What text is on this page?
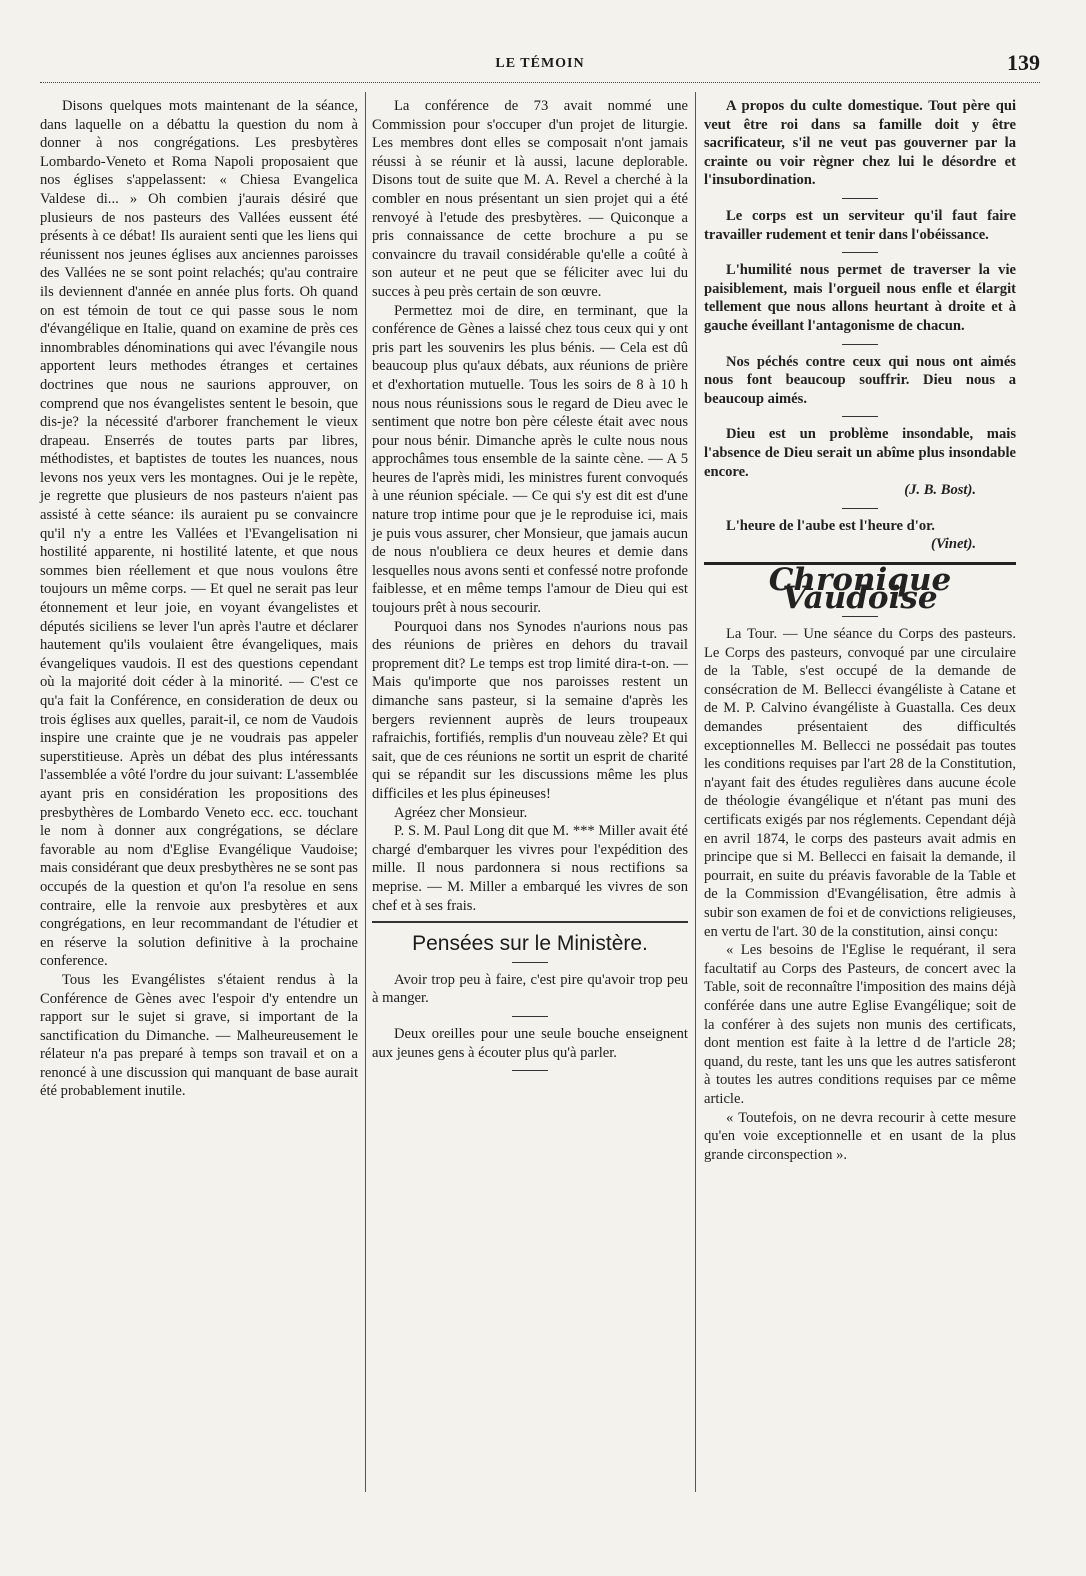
LE TÉMOIN	139

Disons quelques mots maintenant de la séance, dans laquelle on a débattu la question du nom à donner à nos congrégations. Les presbytères Lombardo-Veneto et Roma Napoli proposaient que nos églises s'appelassent: « Chiesa Evangelica Valdese di... » Oh combien j'aurais désiré que plusieurs de nos pasteurs des Vallées eussent été présents à ce débat! Ils auraient senti que les liens qui réunissent nos jeunes églises aux anciennes paroisses des Vallées ne se sont point relachés; qu'au contraire ils deviennent d'année en année plus forts. Oh quand on est témoin de tout ce qui passe sous le nom d'évangélique en Italie, quand on examine de près ces innombrables dénominations qui avec l'évangile nous apportent leurs methodes étranges et certaines doctrines que nous ne saurions approuver, on comprend que nos évangelistes sentent le besoin, que dis-je? la nécessité d'arborer franchement le vieux drapeau. Enserrés de toutes parts par libres, méthodistes, et baptistes de toutes les nuances, nous levons nos yeux vers les montagnes. Oui je le repète, je regrette que plusieurs de nos pasteurs n'aient pas assisté à cette séance: ils auraient pu se convaincre qu'il n'y a entre les Vallées et l'Evangelisation ni hostilité apparente, ni hostilité latente, et que nous sommes bien réellement et que nous voulons être toujours un même corps. — Et quel ne serait pas leur étonnement et leur joie, en voyant évangelistes et députés siciliens se lever l'un après l'autre et déclarer hautement qu'ils voulaient être évangeliques, mais évangeliques vaudois. Il est des questions cependant où la majorité doit céder à la minorité. — C'est ce qu'a fait la Conférence, en consideration de deux ou trois églises aux quelles, parait-il, ce nom de Vaudois inspire une crainte que je ne voudrais pas appeler superstitieuse. Après un débat des plus intéressants l'assemblée a vôté l'ordre du jour suivant: L'assemblée ayant pris en considération les propositions des presbythères de Lombardo Veneto ecc. ecc. touchant le nom à donner aux congrégations, se déclare favorable au nom d'Eglise Evangélique Vaudoise; mais considérant que deux presbythères ne se sont pas occupés de la question et qu'on l'a resolue en sens contraire, elle la renvoie aux presbytères et aux congrégations, en leur recommandant de l'étudier et en réserve la solution definitive à la prochaine conference.

Tous les Evangélistes s'étaient rendus à la Conférence de Gènes avec l'espoir d'y entendre un rapport sur le sujet si grave, si important de la sanctification du Dimanche. — Malheureusement le rélateur n'a pas preparé à temps son travail et on a renoncé à une discussion qui manquant de base aurait été probablement inutile.

La conférence de 73 avait nommé une Commission pour s'occuper d'un projet de liturgie. Les membres dont elles se composait n'ont jamais réussi à se réunir et là aussi, lacune deplorable. Disons tout de suite que M. A. Revel a cherché à la combler en nous présentant un sien projet qui a été renvoyé à l'etude des presbytères. — Quiconque a pris connaissance de cette brochure a pu se convaincre du travail considérable qu'elle a coûté à son auteur et ne peut que se féliciter avec lui du succes à peu près certain de son œuvre.

Permettez moi de dire, en terminant, que la conférence de Gènes a laissé chez tous ceux qui y ont pris part les souvenirs les plus bénis. — Cela est dû beaucoup plus qu'aux débats, aux réunions de prière et d'exhortation mutuelle. Tous les soirs de 8 à 10 h nous nous réunissions sous le regard de Dieu avec le sentiment que notre bon père céleste était avec nous pour nous bénir. Dimanche après le culte nous nous approchâmes tous ensemble de la sainte cène. — A 5 heures de l'après midi, les ministres furent convoqués à une réunion spéciale. — Ce qui s'y est dit est d'une nature trop intime pour que je le reproduise ici, mais je puis vous assurer, cher Monsieur, que jamais aucun de nous n'oubliera ce deux heures et demie dans lesquelles nous avons senti et confessé notre profonde faiblesse, et en même temps l'amour de Dieu qui est toujours prêt à nous secourir.

Pourquoi dans nos Synodes n'aurions nous pas des réunions de prières en dehors du travail proprement dit? Le temps est trop limité dira-t-on. — Mais qu'importe que nos paroisses restent un dimanche sans pasteur, si la semaine d'après les bergers reviennent auprès de leurs troupeaux rafraichis, fortifiés, remplis d'un nouveau zèle? Et qui sait, que de ces réunions ne sortit un esprit de charité qui se répandit sur les discussions même les plus difficiles et les plus épineuses!

Agréez cher Monsieur.

P. S. M. Paul Long dit que M. *** Miller avait été chargé d'embarquer les vivres pour l'expédition des mille. Il nous pardonnera si nous rectifions sa meprise. — M. Miller a embarqué les vivres de son chef et à ses frais.

Pensées sur le Ministère.

Avoir trop peu à faire, c'est pire qu'avoir trop peu à manger.

Deux oreilles pour une seule bouche enseignent aux jeunes gens à écouter plus qu'à parler.

A propos du culte domestique. Tout père qui veut être roi dans sa famille doit y être sacrificateur, s'il ne veut pas gouverner par la crainte ou voir règner chez lui le désordre et l'insubordination.

Le corps est un serviteur qu'il faut faire travailler rudement et tenir dans l'obéissance.

L'humilité nous permet de traverser la vie paisiblement, mais l'orgueil nous enfle et élargit tellement que nous allons heurtant à droite et à gauche éveillant l'antagonisme de chacun.

Nos péchés contre ceux qui nous ont aimés nous font beaucoup souffrir. Dieu nous a beaucoup aimés.

Dieu est un problème insondable, mais l'absence de Dieu serait un abîme plus insondable encore.

(J. B. Bost).

L'heure de l'aube est l'heure d'or.

(Vinet).
Chronique Vaudoise

La Tour. — Une séance du Corps des pasteurs. Le Corps des pasteurs, convoqué par une circulaire de la Table, s'est occupé de la demande de consécration de M. Bellecci évangéliste à Catane et de M. P. Calvino évangéliste à Guastalla. Ces deux demandes présentaient des difficultés exceptionnelles M. Bellecci ne possédait pas toutes les conditions requises par l'art 28 de la Constitution, n'ayant fait des études regulières dans aucune école de théologie évangélique et n'étant pas muni des certificats exigés par nos réglements. Cependant déjà en avril 1874, le corps des pasteurs avait admis en principe que si M. Bellecci en faisait la demande, il pourrait, en suite du préavis favorable de la Table et de la Commission d'Evangélisation, être admis à subir son examen de foi et de convictions religieuses, en vertu de l'art. 30 de la constitution, ainsi conçu:

« Les besoins de l'Eglise le requérant, il sera facultatif au Corps des Pasteurs, de concert avec la Table, soit de reconnaître l'imposition des mains déjà conférée dans une autre Eglise Evangélique; soit de la conférer à des sujets non munis des certificats, dont mention est faite à la lettre d de l'article 28; quand, du reste, tant les uns que les autres satisferont à toutes les autres conditions requises par ce même article.

« Toutefois, on ne devra recourir à cette mesure qu'en voie exceptionnelle et en usant de la plus grande circonspection ».
